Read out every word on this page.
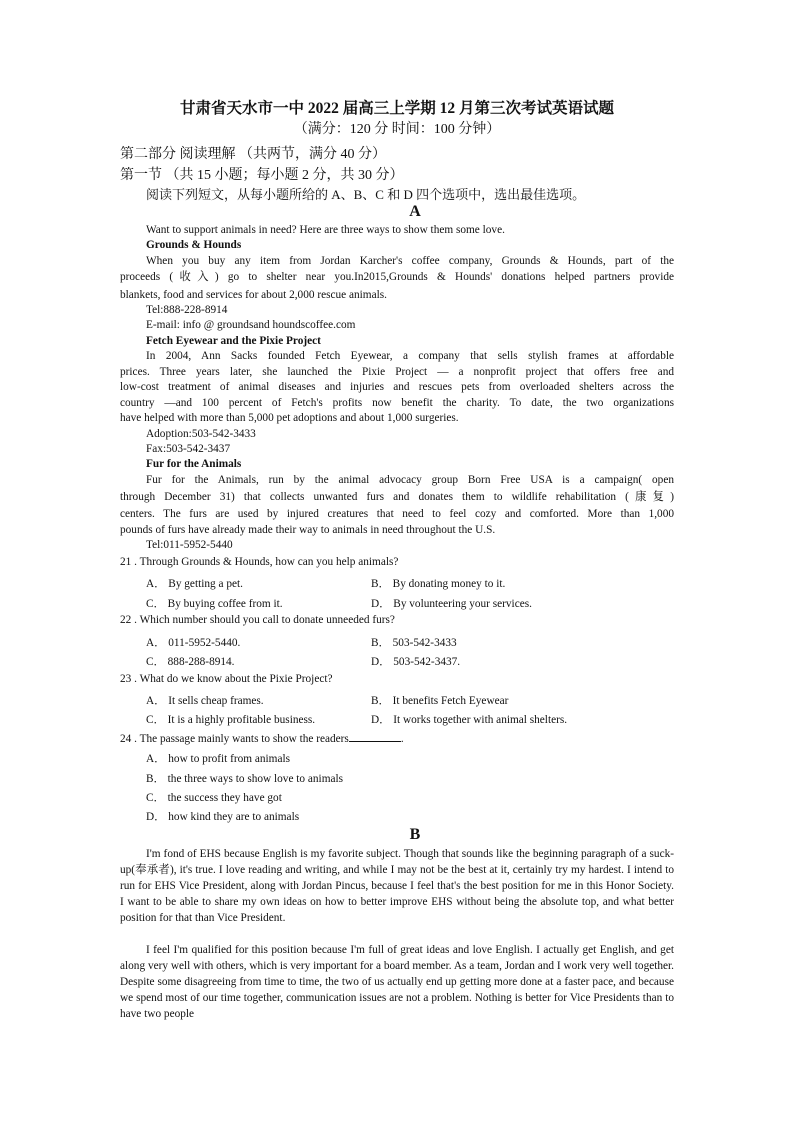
甘肃省天水市一中 2022 届高三上学期 12 月第三次考试英语试题
（满分：120 分 时间：100 分钟）
第二部分 阅读理解 （共两节，满分 40 分）
第一节 （共 15 小题；每小题 2 分，共 30 分）
阅读下列短文，从每小题所给的 A、B、C 和 D 四个选项中，选出最佳选项。
A
Want to support animals in need? Here are three ways to show them some love.
Grounds & Hounds
When you buy any item from Jordan Karcher's coffee company, Grounds & Hounds, part of the
proceeds (收入) go to shelter near you.In2015,Grounds & Hounds' donations helped partners provide
blankets, food and services for about 2,000 rescue animals.
Tel:888-228-8914
E-mail: info @ groundsand houndscoffee.com
Fetch Eyewear and the Pixie Project
In 2004, Ann Sacks founded Fetch Eyewear, a company that sells stylish frames at affordable
prices. Three years later, she launched the Pixie Project — a nonprofit project that offers free and
low-cost treatment of animal diseases and injuries and rescues pets from overloaded shelters across the
country —and 100 percent of Fetch's profits now benefit the charity. To date, the two organizations
have helped with more than 5,000 pet adoptions and about 1,000 surgeries.
Adoption:503-542-3433
Fax:503-542-3437
Fur for the Animals
Fur for the Animals, run by the animal advocacy group Born Free USA is a campaign( open
through December 31) that collects unwanted furs and donates them to wildlife rehabilitation (康复)
centers. The furs are used by injured creatures that need to feel cozy and comforted. More than 1,000
pounds of furs have already made their way to animals in need throughout the U.S.
Tel:011-5952-5440
21 . Through Grounds & Hounds, how can you help animals?
A． By getting a pet.	B． By donating money to it.
C． By buying coffee from it.	D． By volunteering your services.
22 . Which number should you call to donate unneeded furs?
A． 011-5952-5440.	B． 503-542-3433
C． 888-288-8914.	D． 503-542-3437.
23 . What do we know about the Pixie Project?
A． It sells cheap frames.	B． It benefits Fetch Eyewear
C． It is a highly profitable business.	D． It works together with animal shelters.
24 . The passage mainly wants to show the readers	.
A． how to profit from animals
B． the three ways to show love to animals
C． the success they have got
D． how kind they are to animals
B
I'm fond of EHS because English is my favorite subject. Though that sounds like the beginning paragraph of a suck-up(奉承者), it's true. I love reading and writing, and while I may not be the best at it, certainly try my hardest. I intend to run for EHS Vice President, along with Jordan Pincus, because I feel that's the best position for me in this Honor Society. I want to be able to share my own ideas on how to better improve EHS without being the absolute top, and what better position for that than Vice President.
I feel I'm qualified for this position because I'm full of great ideas and love English. I actually get English, and get along very well with others, which is very important for a board member. As a team, Jordan and I work very well together. Despite some disagreeing from time to time, the two of us actually end up getting more done at a faster pace, and because we spend most of our time together, communication issues are not a problem. Nothing is better for Vice Presidents than to have two people
